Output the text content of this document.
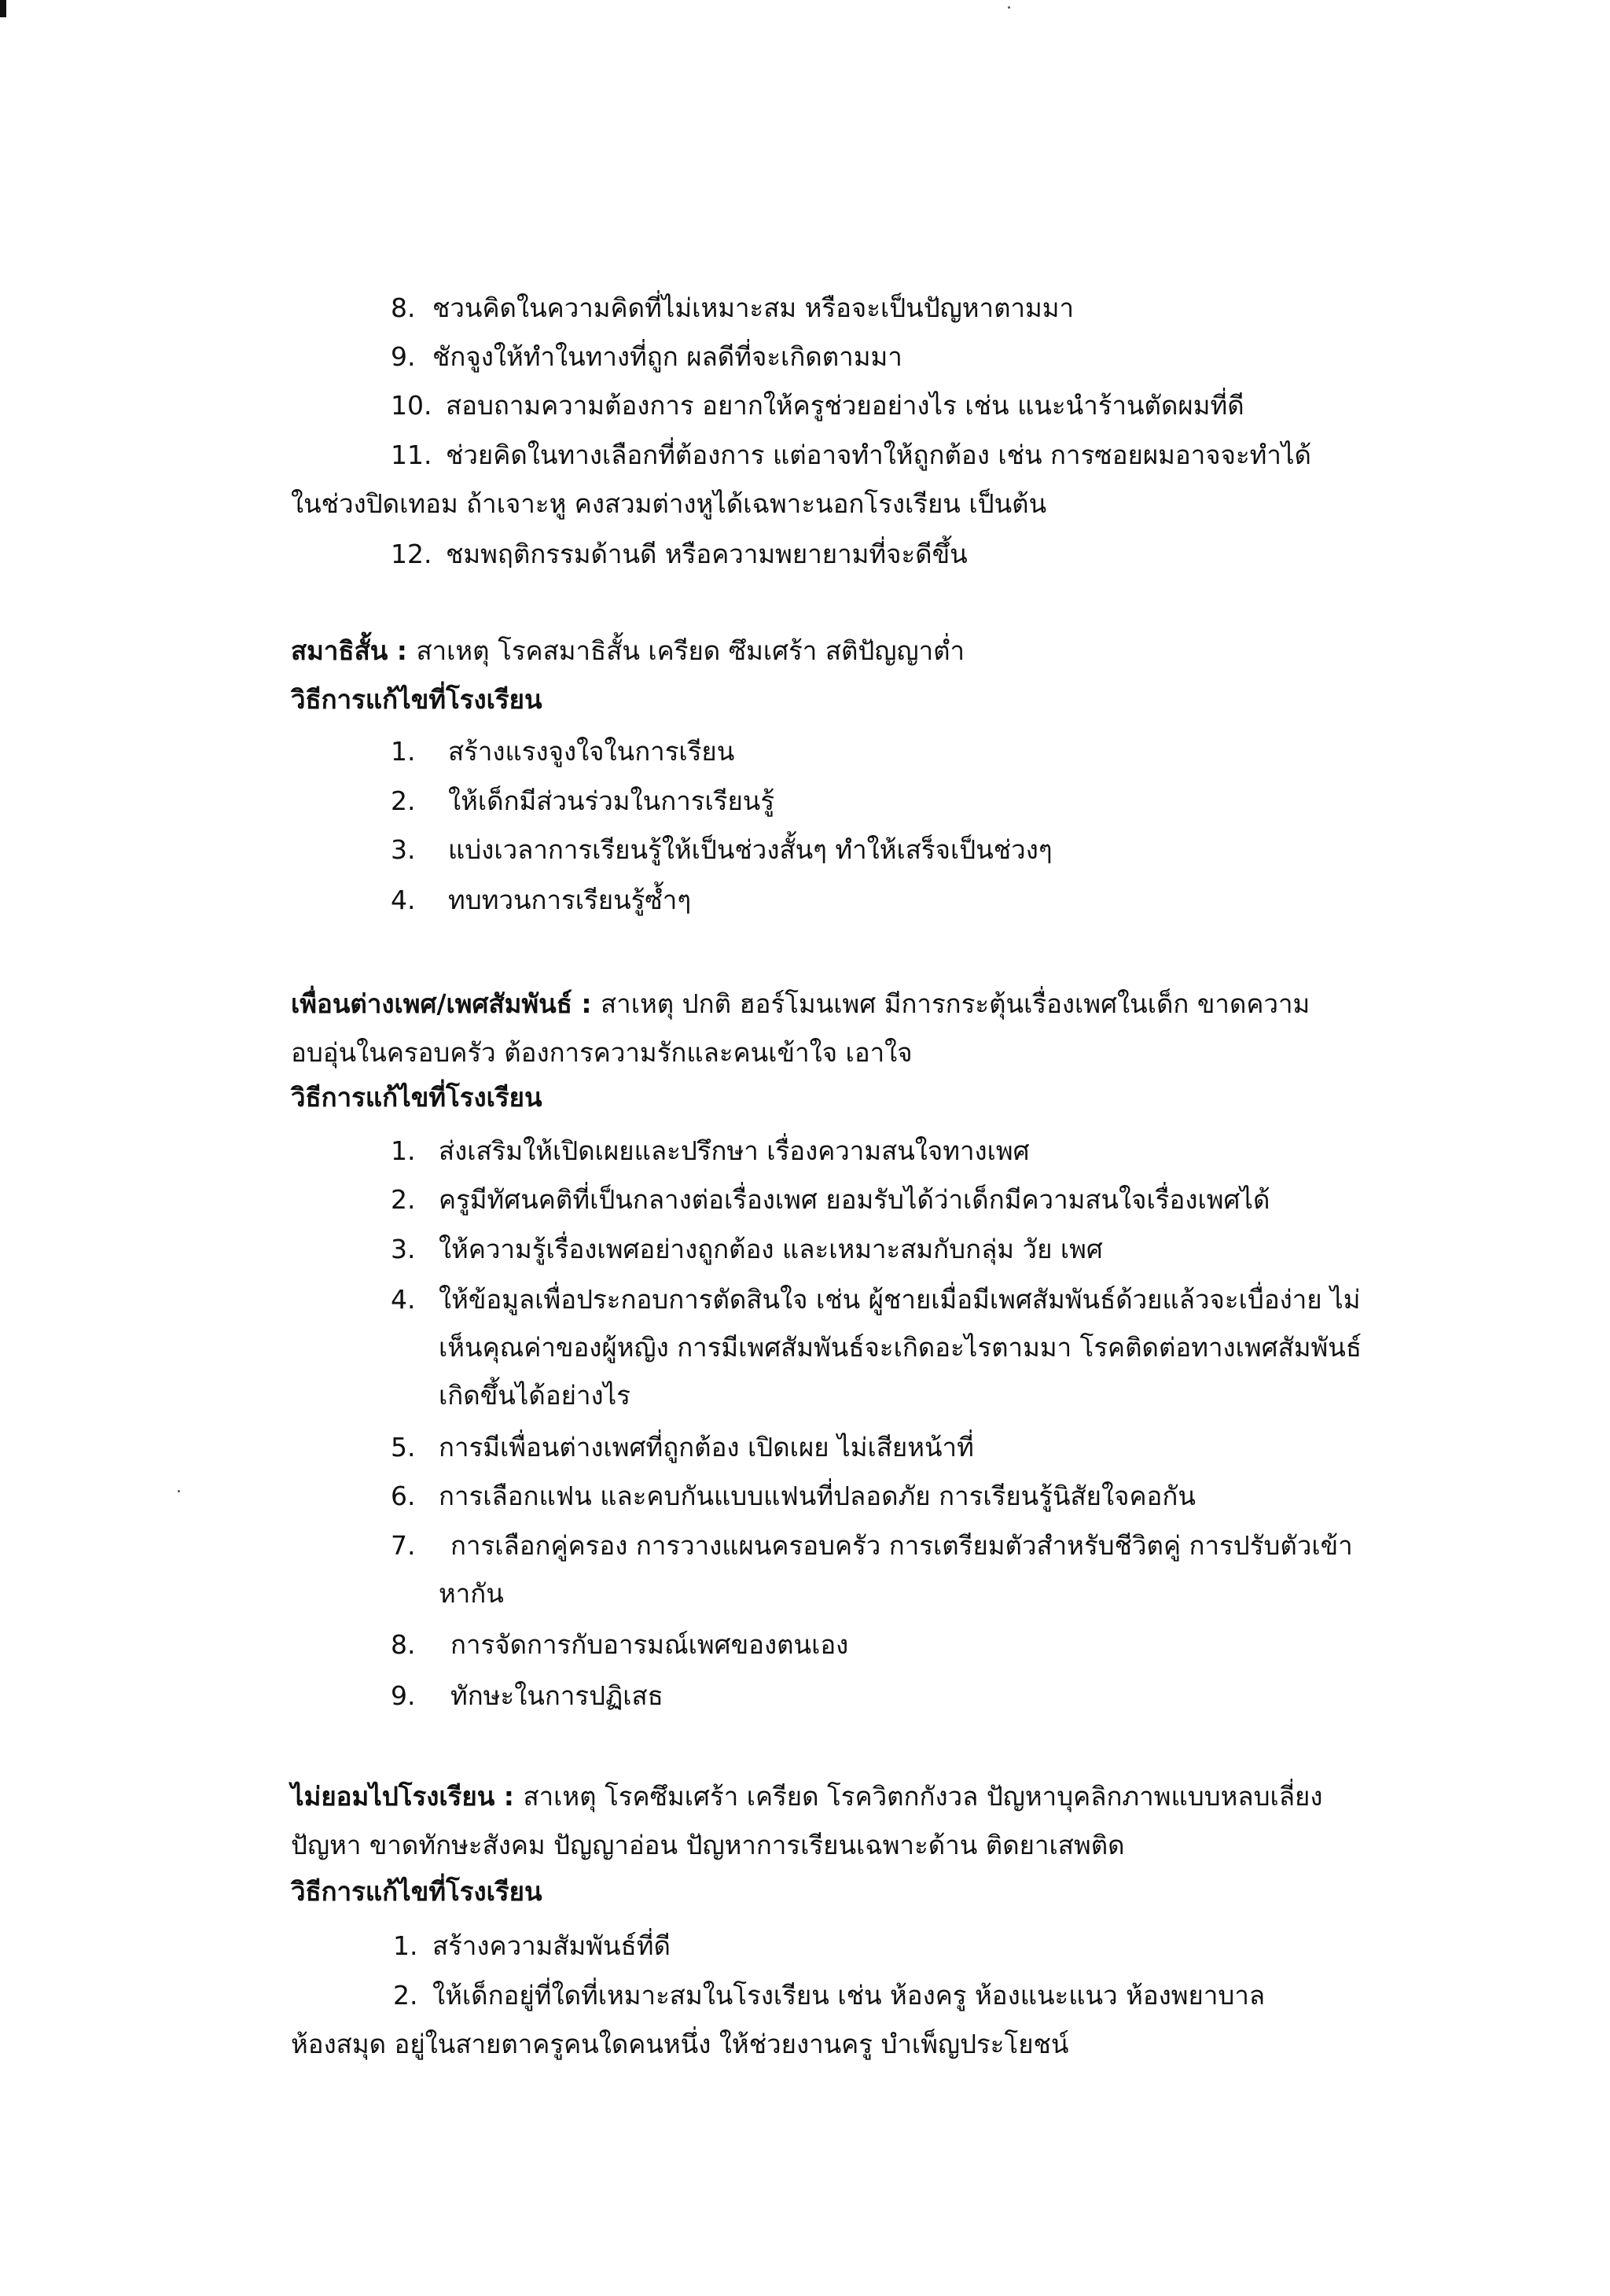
8. ชวนคิดในความคิดที่ไม่เหมาะสม หรือจะเป็นปัญหาตามมา
9. ชักจูงให้ทำในทางที่ถูก ผลดีที่จะเกิดตามมา
10. สอบถามความต้องการ อยากให้ครูช่วยอย่างไร เช่น แนะนำร้านตัดผมที่ดี
11. ช่วยคิดในทางเลือกที่ต้องการ แต่อาจทำให้ถูกต้อง เช่น การซอยผมอาจจะทำได้
ในช่วงปิดเทอม ถ้าเจาะหู คงสวมต่างหูได้เฉพาะนอกโรงเรียน เป็นต้น
12. ชมพฤติกรรมด้านดี หรือความพยายามที่จะดีขึ้น
สมาธิสั้น : สาเหตุ โรคสมาธิสั้น เครียด ซึมเศร้า สติปัญญาต่ำ
วิธีการแก้ไขที่โรงเรียน
1. สร้างแรงจูงใจในการเรียน
2. ให้เด็กมีส่วนร่วมในการเรียนรู้
3. แบ่งเวลาการเรียนรู้ให้เป็นช่วงสั้นๆ ทำให้เสร็จเป็นช่วงๆ
4. ทบทวนการเรียนรู้ซ้ำๆ
เพื่อนต่างเพศ/เพศสัมพันธ์ : สาเหตุ ปกติ ฮอร์โมนเพศ มีการกระตุ้นเรื่องเพศในเด็ก ขาดความ
อบอุ่นในครอบครัว ต้องการความรักและคนเข้าใจ เอาใจ
วิธีการแก้ไขที่โรงเรียน
1. ส่งเสริมให้เปิดเผยและปรึกษา เรื่องความสนใจทางเพศ
2. ครูมีทัศนคติที่เป็นกลางต่อเรื่องเพศ ยอมรับได้ว่าเด็กมีความสนใจเรื่องเพศได้
3. ให้ความรู้เรื่องเพศอย่างถูกต้อง และเหมาะสมกับกลุ่ม วัย เพศ
4. ให้ข้อมูลเพื่อประกอบการตัดสินใจ เช่น ผู้ชายเมื่อมีเพศสัมพันธ์ด้วยแล้วจะเบื่อง่าย ไม่
เห็นคุณค่าของผู้หญิง การมีเพศสัมพันธ์จะเกิดอะไรตามมา โรคติดต่อทางเพศสัมพันธ์
เกิดขึ้นได้อย่างไร
5. การมีเพื่อนต่างเพศที่ถูกต้อง เปิดเผย ไม่เสียหน้าที่
6. การเลือกแฟน และคบกันแบบแฟนที่ปลอดภัย การเรียนรู้นิสัยใจคอกัน
7. การเลือกคู่ครอง การวางแผนครอบครัว การเตรียมตัวสำหรับชีวิตคู่ การปรับตัวเข้า
หากัน
8. การจัดการกับอารมณ์เพศของตนเอง
9. ทักษะในการปฏิเสธ
ไม่ยอมไปโรงเรียน : สาเหตุ โรคซึมเศร้า เครียด โรควิตกกังวล ปัญหาบุคลิกภาพแบบหลบเลี่ยง
ปัญหา ขาดทักษะสังคม ปัญญาอ่อน ปัญหาการเรียนเฉพาะด้าน ติดยาเสพติด
วิธีการแก้ไขที่โรงเรียน
1. สร้างความสัมพันธ์ที่ดี
2. ให้เด็กอยู่ที่ใดที่เหมาะสมในโรงเรียน เช่น ห้องครู ห้องแนะแนว ห้องพยาบาล
ห้องสมุด อยู่ในสายตาครูคนใดคนหนึ่ง ให้ช่วยงานครู บำเพ็ญประโยชน์
